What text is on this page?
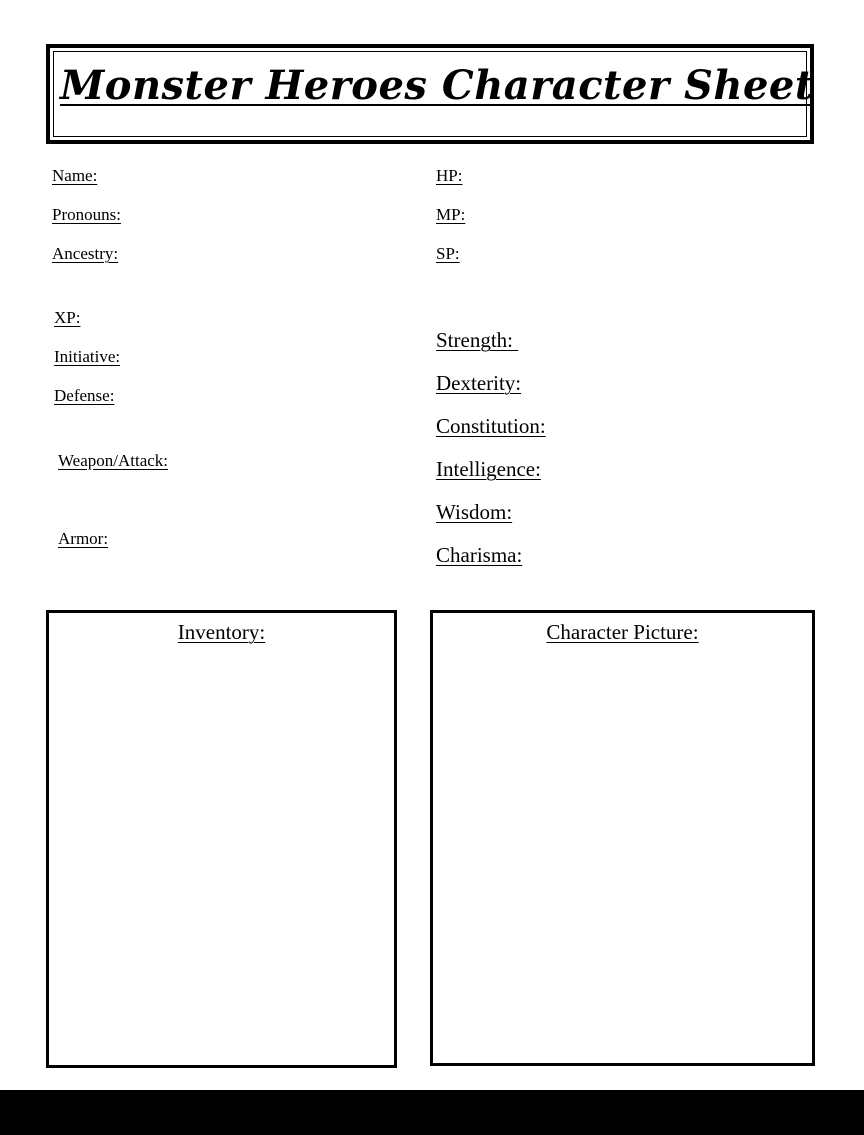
Monster Heroes Character Sheet

Name:

Pronouns:

Ancestry:

XP:

Initiative:

Defense:

Weapon/Attack:

Armor:

HP:

MP:

SP:

Strength:

Dexterity:

Constitution:

Intelligence:

Wisdom:

Charisma:

Inventory:	Character Picture:
